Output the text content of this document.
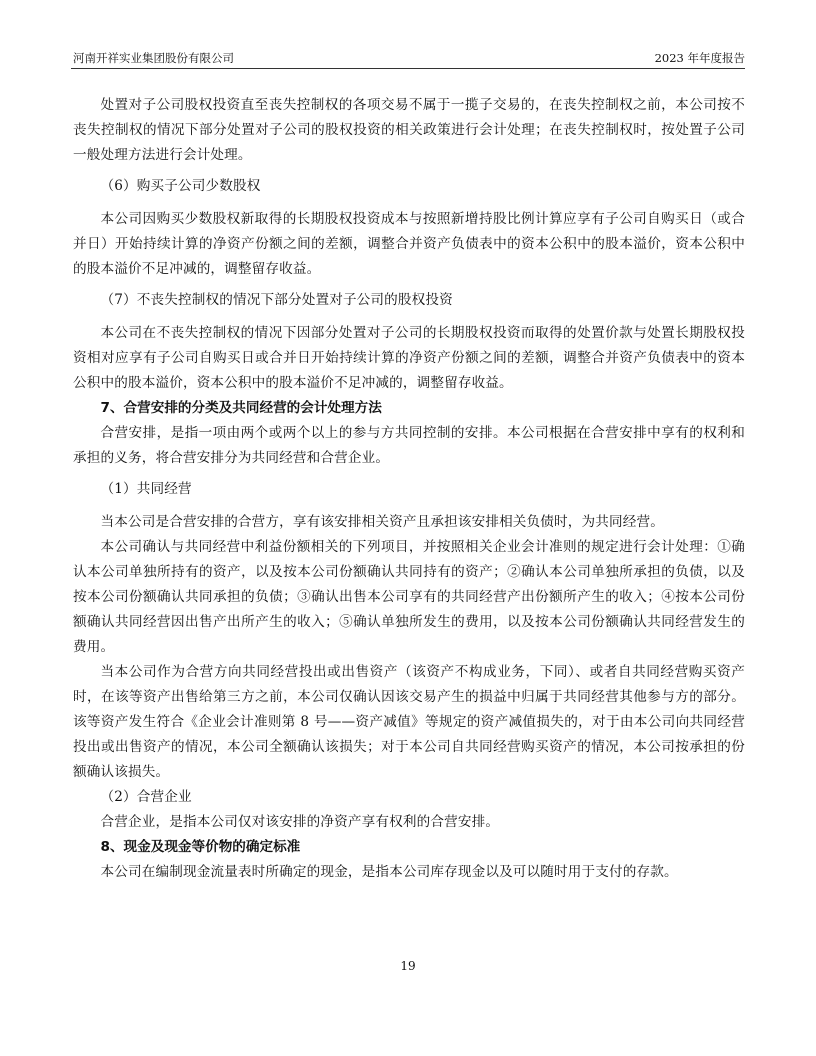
河南开祥实业集团股份有限公司	2023 年年度报告

处置对子公司股权投资直至丧失控制权的各项交易不属于一揽子交易的，在丧失控制权之前，本公司按不丧失控制权的情况下部分处置对子公司的股权投资的相关政策进行会计处理；在丧失控制权时，按处置子公司一般处理方法进行会计处理。

（6）购买子公司少数股权

本公司因购买少数股权新取得的长期股权投资成本与按照新增持股比例计算应享有子公司自购买日（或合并日）开始持续计算的净资产份额之间的差额，调整合并资产负债表中的资本公积中的股本溢价，资本公积中的股本溢价不足冲减的，调整留存收益。

（7）不丧失控制权的情况下部分处置对子公司的股权投资

本公司在不丧失控制权的情况下因部分处置对子公司的长期股权投资而取得的处置价款与处置长期股权投资相对应享有子公司自购买日或合并日开始持续计算的净资产份额之间的差额，调整合并资产负债表中的资本公积中的股本溢价，资本公积中的股本溢价不足冲减的，调整留存收益。

7、合营安排的分类及共同经营的会计处理方法

合营安排，是指一项由两个或两个以上的参与方共同控制的安排。本公司根据在合营安排中享有的权利和承担的义务，将合营安排分为共同经营和合营企业。

（1）共同经营

当本公司是合营安排的合营方，享有该安排相关资产且承担该安排相关负债时，为共同经营。

本公司确认与共同经营中利益份额相关的下列项目，并按照相关企业会计准则的规定进行会计处理：①确认本公司单独所持有的资产，以及按本公司份额确认共同持有的资产；②确认本公司单独所承担的负债，以及按本公司份额确认共同承担的负债；③确认出售本公司享有的共同经营产出份额所产生的收入；④按本公司份额确认共同经营因出售产出所产生的收入；⑤确认单独所发生的费用，以及按本公司份额确认共同经营发生的费用。

当本公司作为合营方向共同经营投出或出售资产（该资产不构成业务，下同）、或者自共同经营购买资产时，在该等资产出售给第三方之前，本公司仅确认因该交易产生的损益中归属于共同经营其他参与方的部分。该等资产发生符合《企业会计准则第 8 号——资产减值》等规定的资产减值损失的，对于由本公司向共同经营投出或出售资产的情况，本公司全额确认该损失；对于本公司自共同经营购买资产的情况，本公司按承担的份额确认该损失。

（2）合营企业

合营企业，是指本公司仅对该安排的净资产享有权利的合营安排。

8、现金及现金等价物的确定标准

本公司在编制现金流量表时所确定的现金，是指本公司库存现金以及可以随时用于支付的存款。

19
